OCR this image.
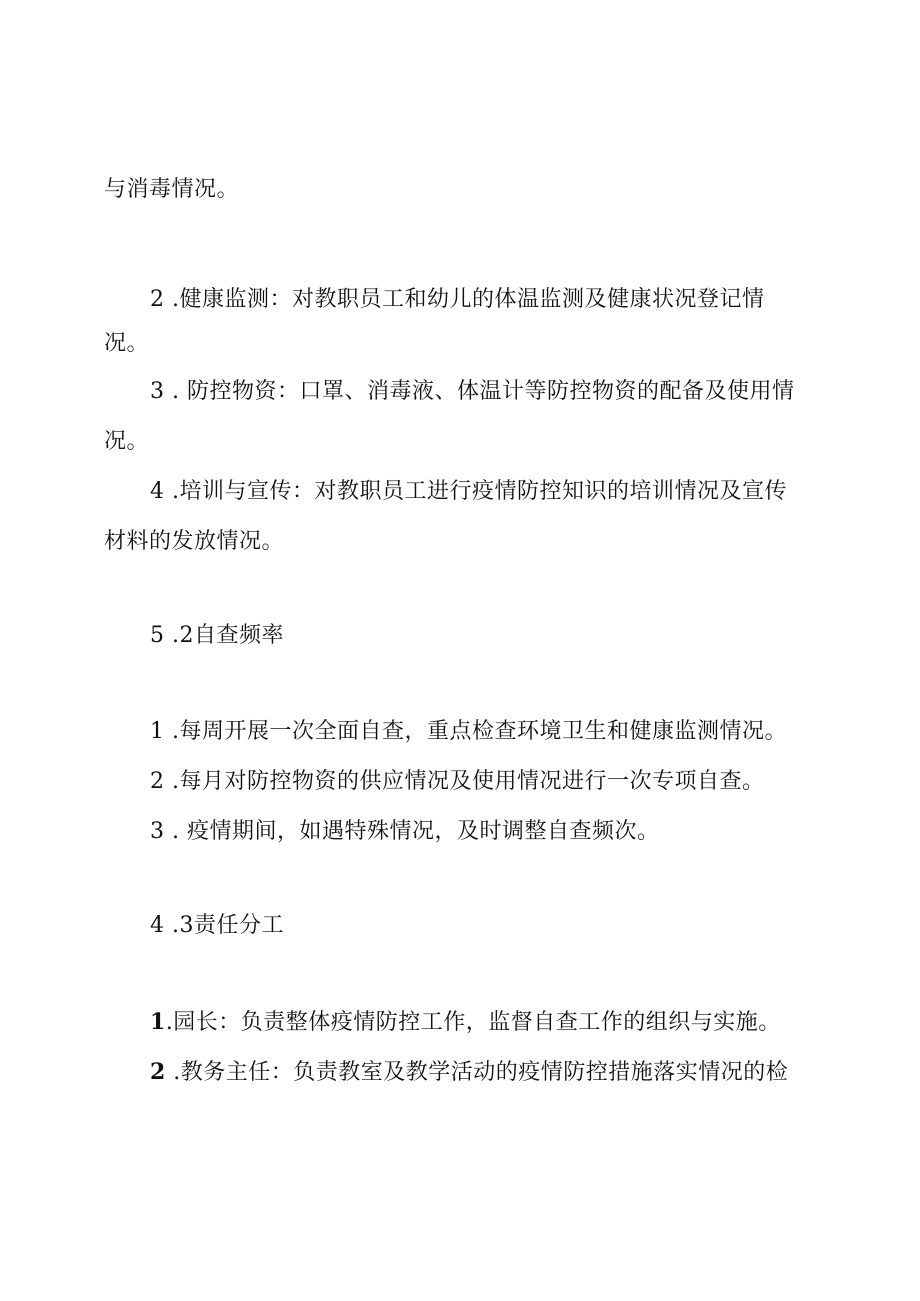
与消毒情况。
2 .健康监测：对教职员工和幼儿的体温监测及健康状况登记情
况。
3 . 防控物资：口罩、消毒液、体温计等防控物资的配备及使用情
况。
4 .培训与宣传：对教职员工进行疫情防控知识的培训情况及宣传
材料的发放情况。
5 .2自查频率
1 .每周开展一次全面自查，重点检查环境卫生和健康监测情况。
2 .每月对防控物资的供应情况及使用情况进行一次专项自查。
3 . 疫情期间，如遇特殊情况，及时调整自查频次。
4 .3责任分工
1.园长：负责整体疫情防控工作，监督自查工作的组织与实施。
2 .教务主任：负责教室及教学活动的疫情防控措施落实情况的检
